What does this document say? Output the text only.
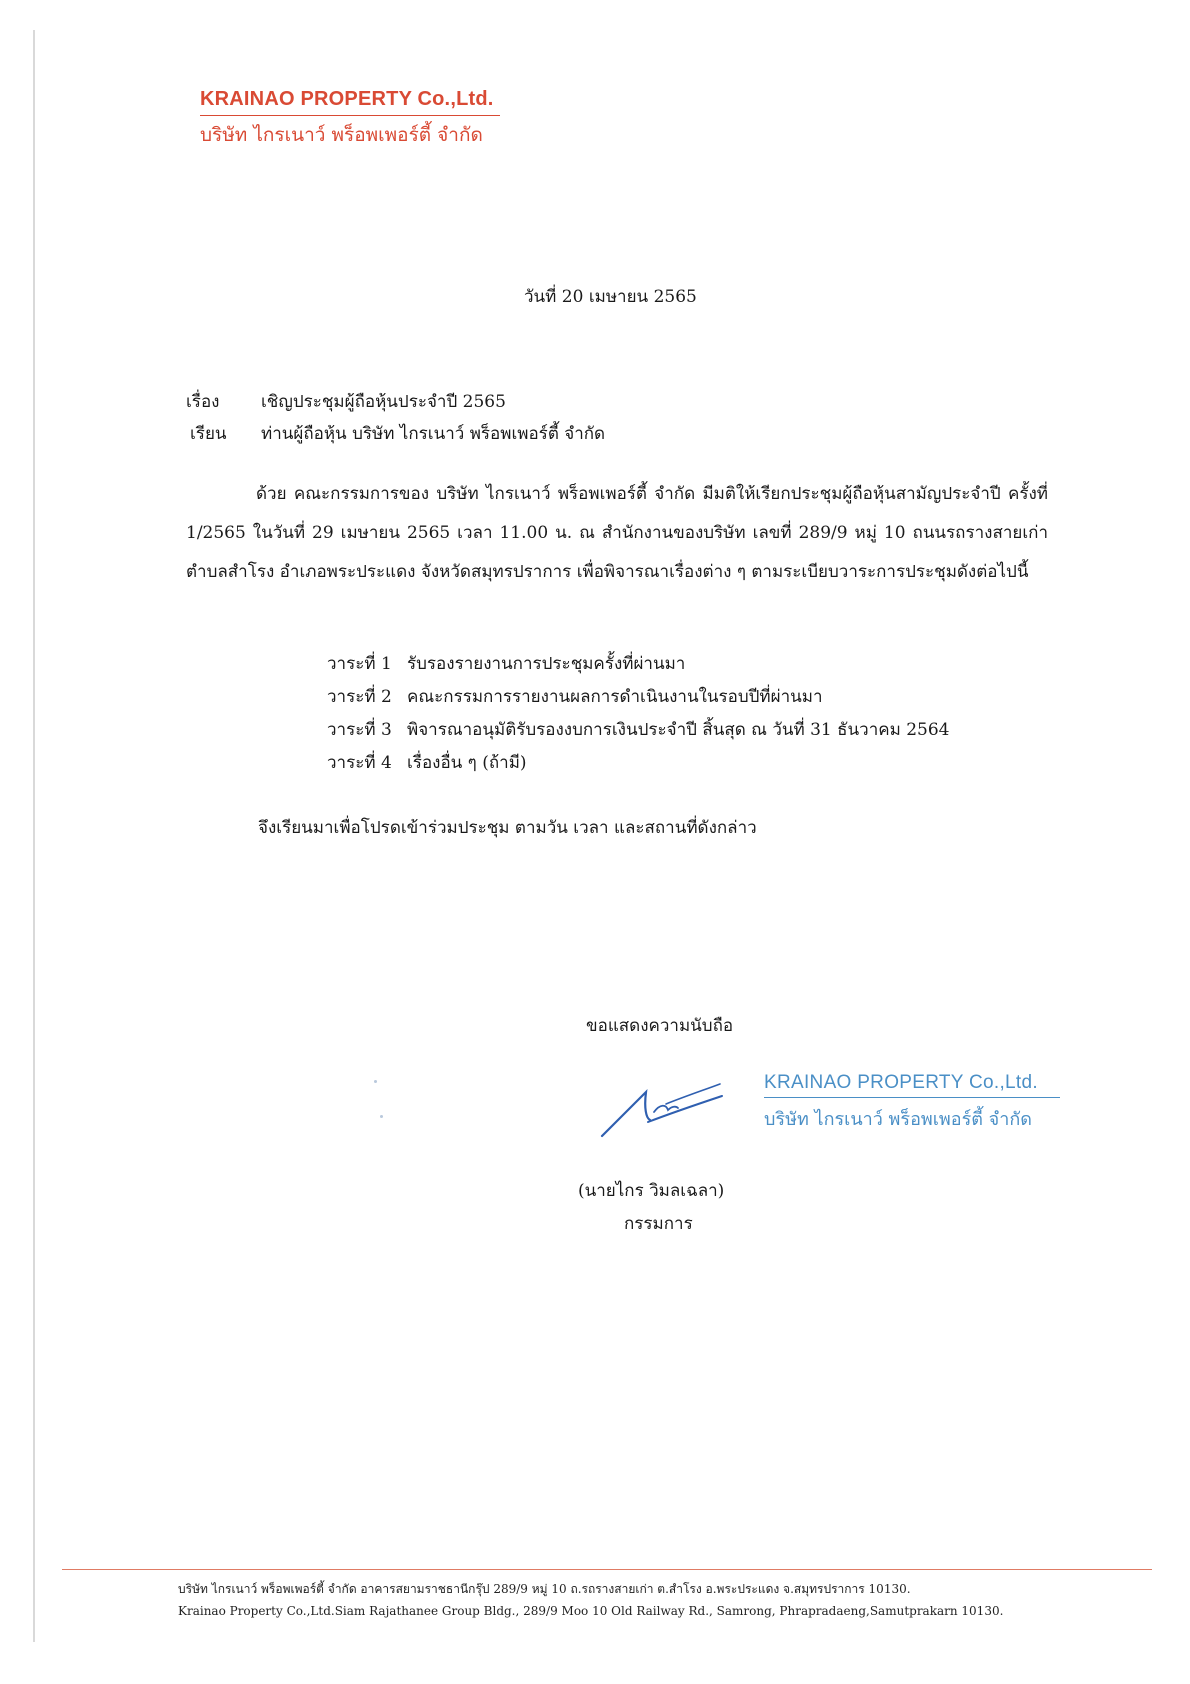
KRAINAO PROPERTY Co.,Ltd.
บริษัท ไกรเนาว์ พร็อพเพอร์ตี้ จำกัด
วันที่ 20 เมษายน 2565
เรื่อง เชิญประชุมผู้ถือหุ้นประจำปี 2565
เรียน ท่านผู้ถือหุ้น บริษัท ไกรเนาว์ พร็อพเพอร์ตี้ จำกัด
ด้วย คณะกรรมการของ บริษัท ไกรเนาว์ พร็อพเพอร์ตี้ จำกัด มีมติให้เรียกประชุมผู้ถือหุ้นสามัญประจำปี ครั้งที่ 1/2565 ในวันที่ 29 เมษายน 2565 เวลา 11.00 น. ณ สำนักงานของบริษัท เลขที่ 289/9 หมู่ 10 ถนนรถรางสายเก่า ตำบลสำโรง อำเภอพระประแดง จังหวัดสมุทรปราการ เพื่อพิจารณาเรื่องต่าง ๆ ตามระเบียบวาระการประชุมดังต่อไปนี้
วาระที่ 1 รับรองรายงานการประชุมครั้งที่ผ่านมา
วาระที่ 2 คณะกรรมการรายงานผลการดำเนินงานในรอบปีที่ผ่านมา
วาระที่ 3 พิจารณาอนุมัติรับรองงบการเงินประจำปี สิ้นสุด ณ วันที่ 31 ธันวาคม 2564
วาระที่ 4 เรื่องอื่น ๆ (ถ้ามี)
จึงเรียนมาเพื่อโปรดเข้าร่วมประชุม ตามวัน เวลา และสถานที่ดังกล่าว
ขอแสดงความนับถือ
KRAINAO PROPERTY Co.,Ltd.
บริษัท ไกรเนาว์ พร็อพเพอร์ตี้ จำกัด
(นายไกร วิมลเฉลา)
กรรมการ
บริษัท ไกรเนาว์ พร็อพเพอร์ตี้ จำกัด อาคารสยามราชธานีกรุ๊ป 289/9 หมู่ 10 ถ.รถรางสายเก่า ต.สำโรง อ.พระประแดง จ.สมุทรปราการ 10130.
Krainao Property Co.,Ltd.Siam Rajathanee Group Bldg., 289/9 Moo 10 Old Railway Rd., Samrong, Phrapradaeng,Samutprakarn 10130.
